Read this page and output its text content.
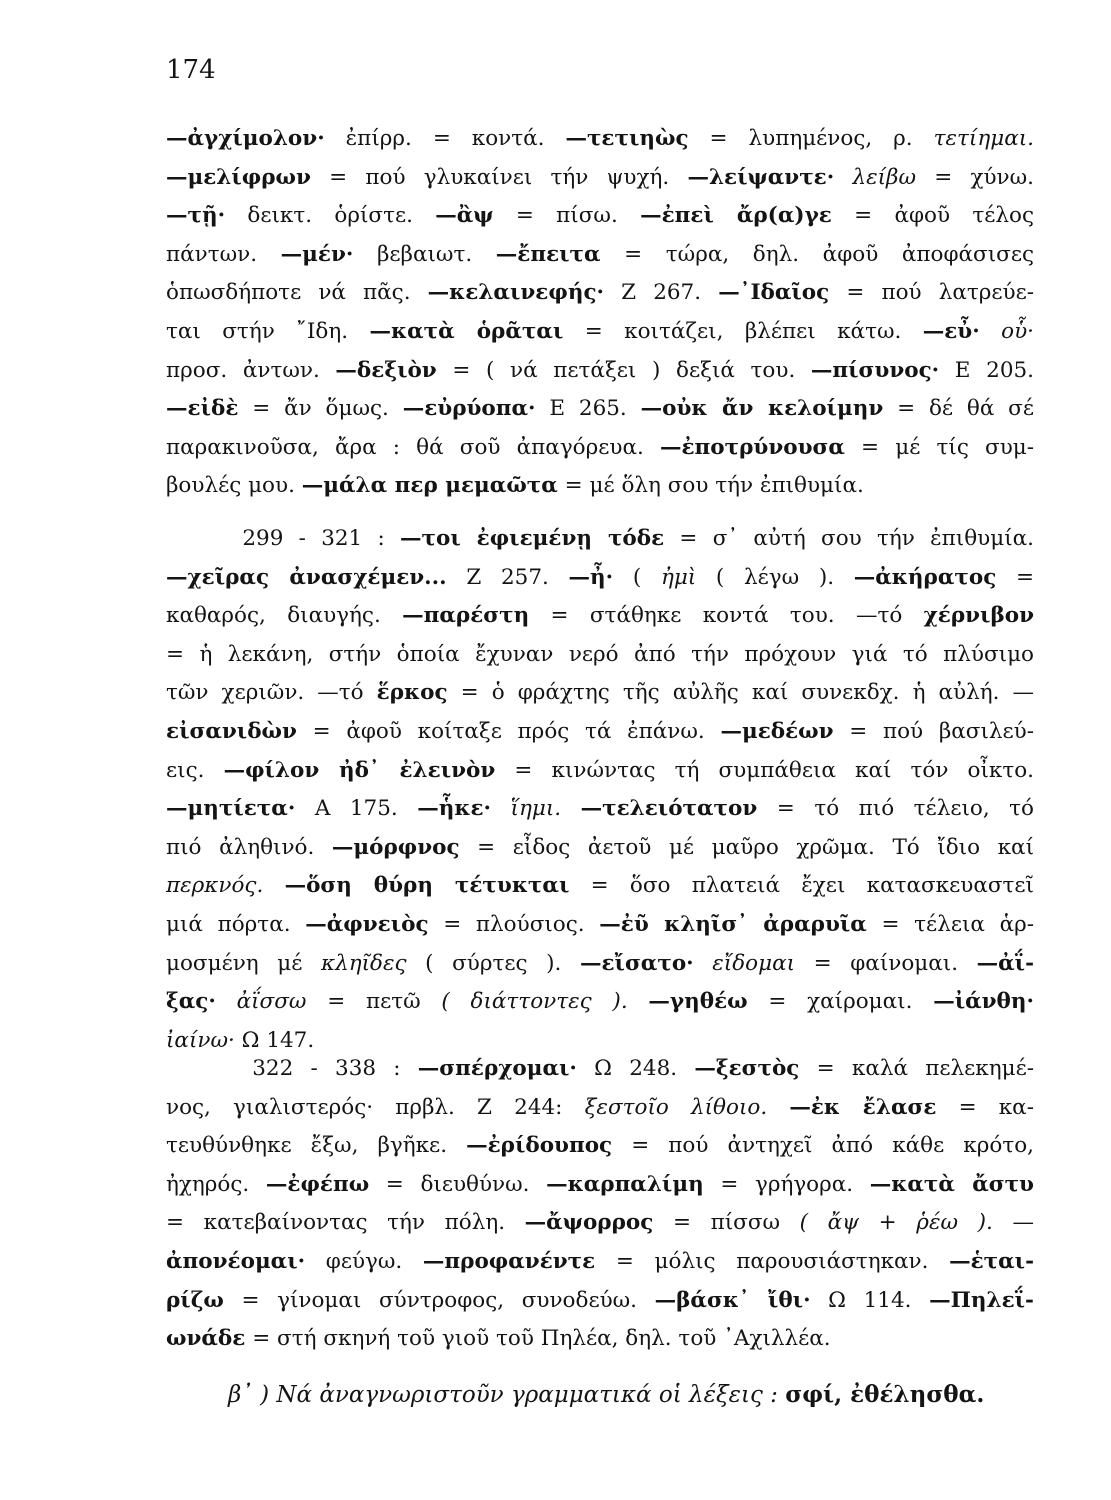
174
—ἀγχίμολον· ἐπίρρ. = κοντά. —τετιηὼς = λυπημένος, ρ. τετίημαι.
—μελίφρων = πού γλυκαίνει τήν ψυχή. —λείψαντε· λείβω = χύνω.
—τῇ· δεικτ. ὁρίστε. —ἂψ = πίσω. —ἐπεὶ ἄρ(α)γε = ἀφοῦ τέλος
πάντων. —μέν· βεβαιωτ. —ἔπειτα = τώρα, δηλ. ἀφοῦ ἀποφάσισες
ὁπωσδήποτε νά πᾶς. —κελαινεφής· Ζ 267. —᾽Ιδαῖος = πού λατρεύε-
ται στήν ῎Ιδη. —κατὰ ὁρᾶται = κοιτάζει, βλέπει κάτω. —εὖ· οὗ·
προσ. ἀντων. —δεξιὸν = ( νά πετάξει ) δεξιά του. —πίσυνος· Ε 205.
—εἰδὲ = ἄν ὅμως. —εὐρύοπα· Ε 265. —οὐκ ἄν κελοίμην = δέ θά σέ
παρακινοῦσα, ἄρα : θά σοῦ ἀπαγόρευα. —ἐποτρύνουσα = μέ τίς συμ-
βουλές μου. —μάλα περ μεμαῶτα = μέ ὅλη σου τήν ἐπιθυμία.
299 - 321 : —τοι ἐφιεμένῃ τόδε = σ᾽ αὐτή σου τήν ἐπιθυμία.
—χεῖρας ἀνασχέμεν... Ζ 257. —ἦ· ( ἠμὶ ( λέγω ). —ἀκήρατος =
καθαρός, διαυγής. —παρέστη = στάθηκε κοντά του. —τό χέρνιβον
= ἡ λεκάνη, στήν ὁποία ἔχυναν νερό ἀπό τήν πρόχουν γιά τό πλύσιμο
τῶν χεριῶν. —τό ἕρκος = ὁ φράχτης τῆς αὐλῆς καί συνεκδχ. ἡ αὐλή. —
εἰσανιδὼν = ἀφοῦ κοίταξε πρός τά ἐπάνω. —μεδέων = πού βασιλεύ-
εις. —φίλον ἠδ᾽ ἐλεινὸν = κινώντας τή συμπάθεια καί τόν οἶκτο.
—μητίετα· Α 175. —ἧκε· ἵημι. —τελειότατον = τό πιό τέλειο, τό
πιό ἀληθινό. —μόρφνος = εἶδος ἀετοῦ μέ μαῦρο χρῶμα. Τό ἴδιο καί
περκνός. —ὅση θύρη τέτυκται = ὅσο πλατειά ἔχει κατασκευαστεῖ
μιά πόρτα. —ἀφνειὸς = πλούσιος. —ἐῦ κληῖσ᾽ ἀραρυῖα = τέλεια ἁρ-
μοσμένη μέ κληῖδες ( σύρτες ). —εἴσατο· εἴδομαι = φαίνομαι. —ἀΐ-
ξας· ἀΐσσω = πετῶ ( διάττοντες ). —γηθέω = χαίρομαι. —ἰάνθη·
ἰαίνω· Ω 147.
322 - 338 : —σπέρχομαι· Ω 248. —ξεστὸς = καλά πελεκημέ-
νος, γιαλιστερός· πρβλ. Ζ 244: ξεστοῖο λίθοιο. —ἐκ ἔλασε = κα-
τευθύνθηκε ἔξω, βγῆκε. —ἐρίδουπος = πού ἀντηχεῖ ἀπό κάθε κρότο,
ἠχηρός. —ἐφέπω = διευθύνω. —καρπαλίμη = γρήγορα. —κατὰ ἄστυ
= κατεβαίνοντας τήν πόλη. —ἄψορρος = πίσσω ( ἄψ + ῥέω ). —
ἀπονέομαι· φεύγω. —προφανέντε = μόλις παρουσιάστηκαν. —ἑται-
ρίζω = γίνομαι σύντροφος, συνοδεύω. —βάσκ᾽ ἴθι· Ω 114. —Πηλεΐ-
ωνάδε = στή σκηνή τοῦ γιοῦ τοῦ Πηλέα, δηλ. τοῦ ᾽Αχιλλέα.
β᾽ ) Νά ἀναγνωριστοῦν γραμματικά οἱ λέξεις : σφί, ἐθέλησθα.
